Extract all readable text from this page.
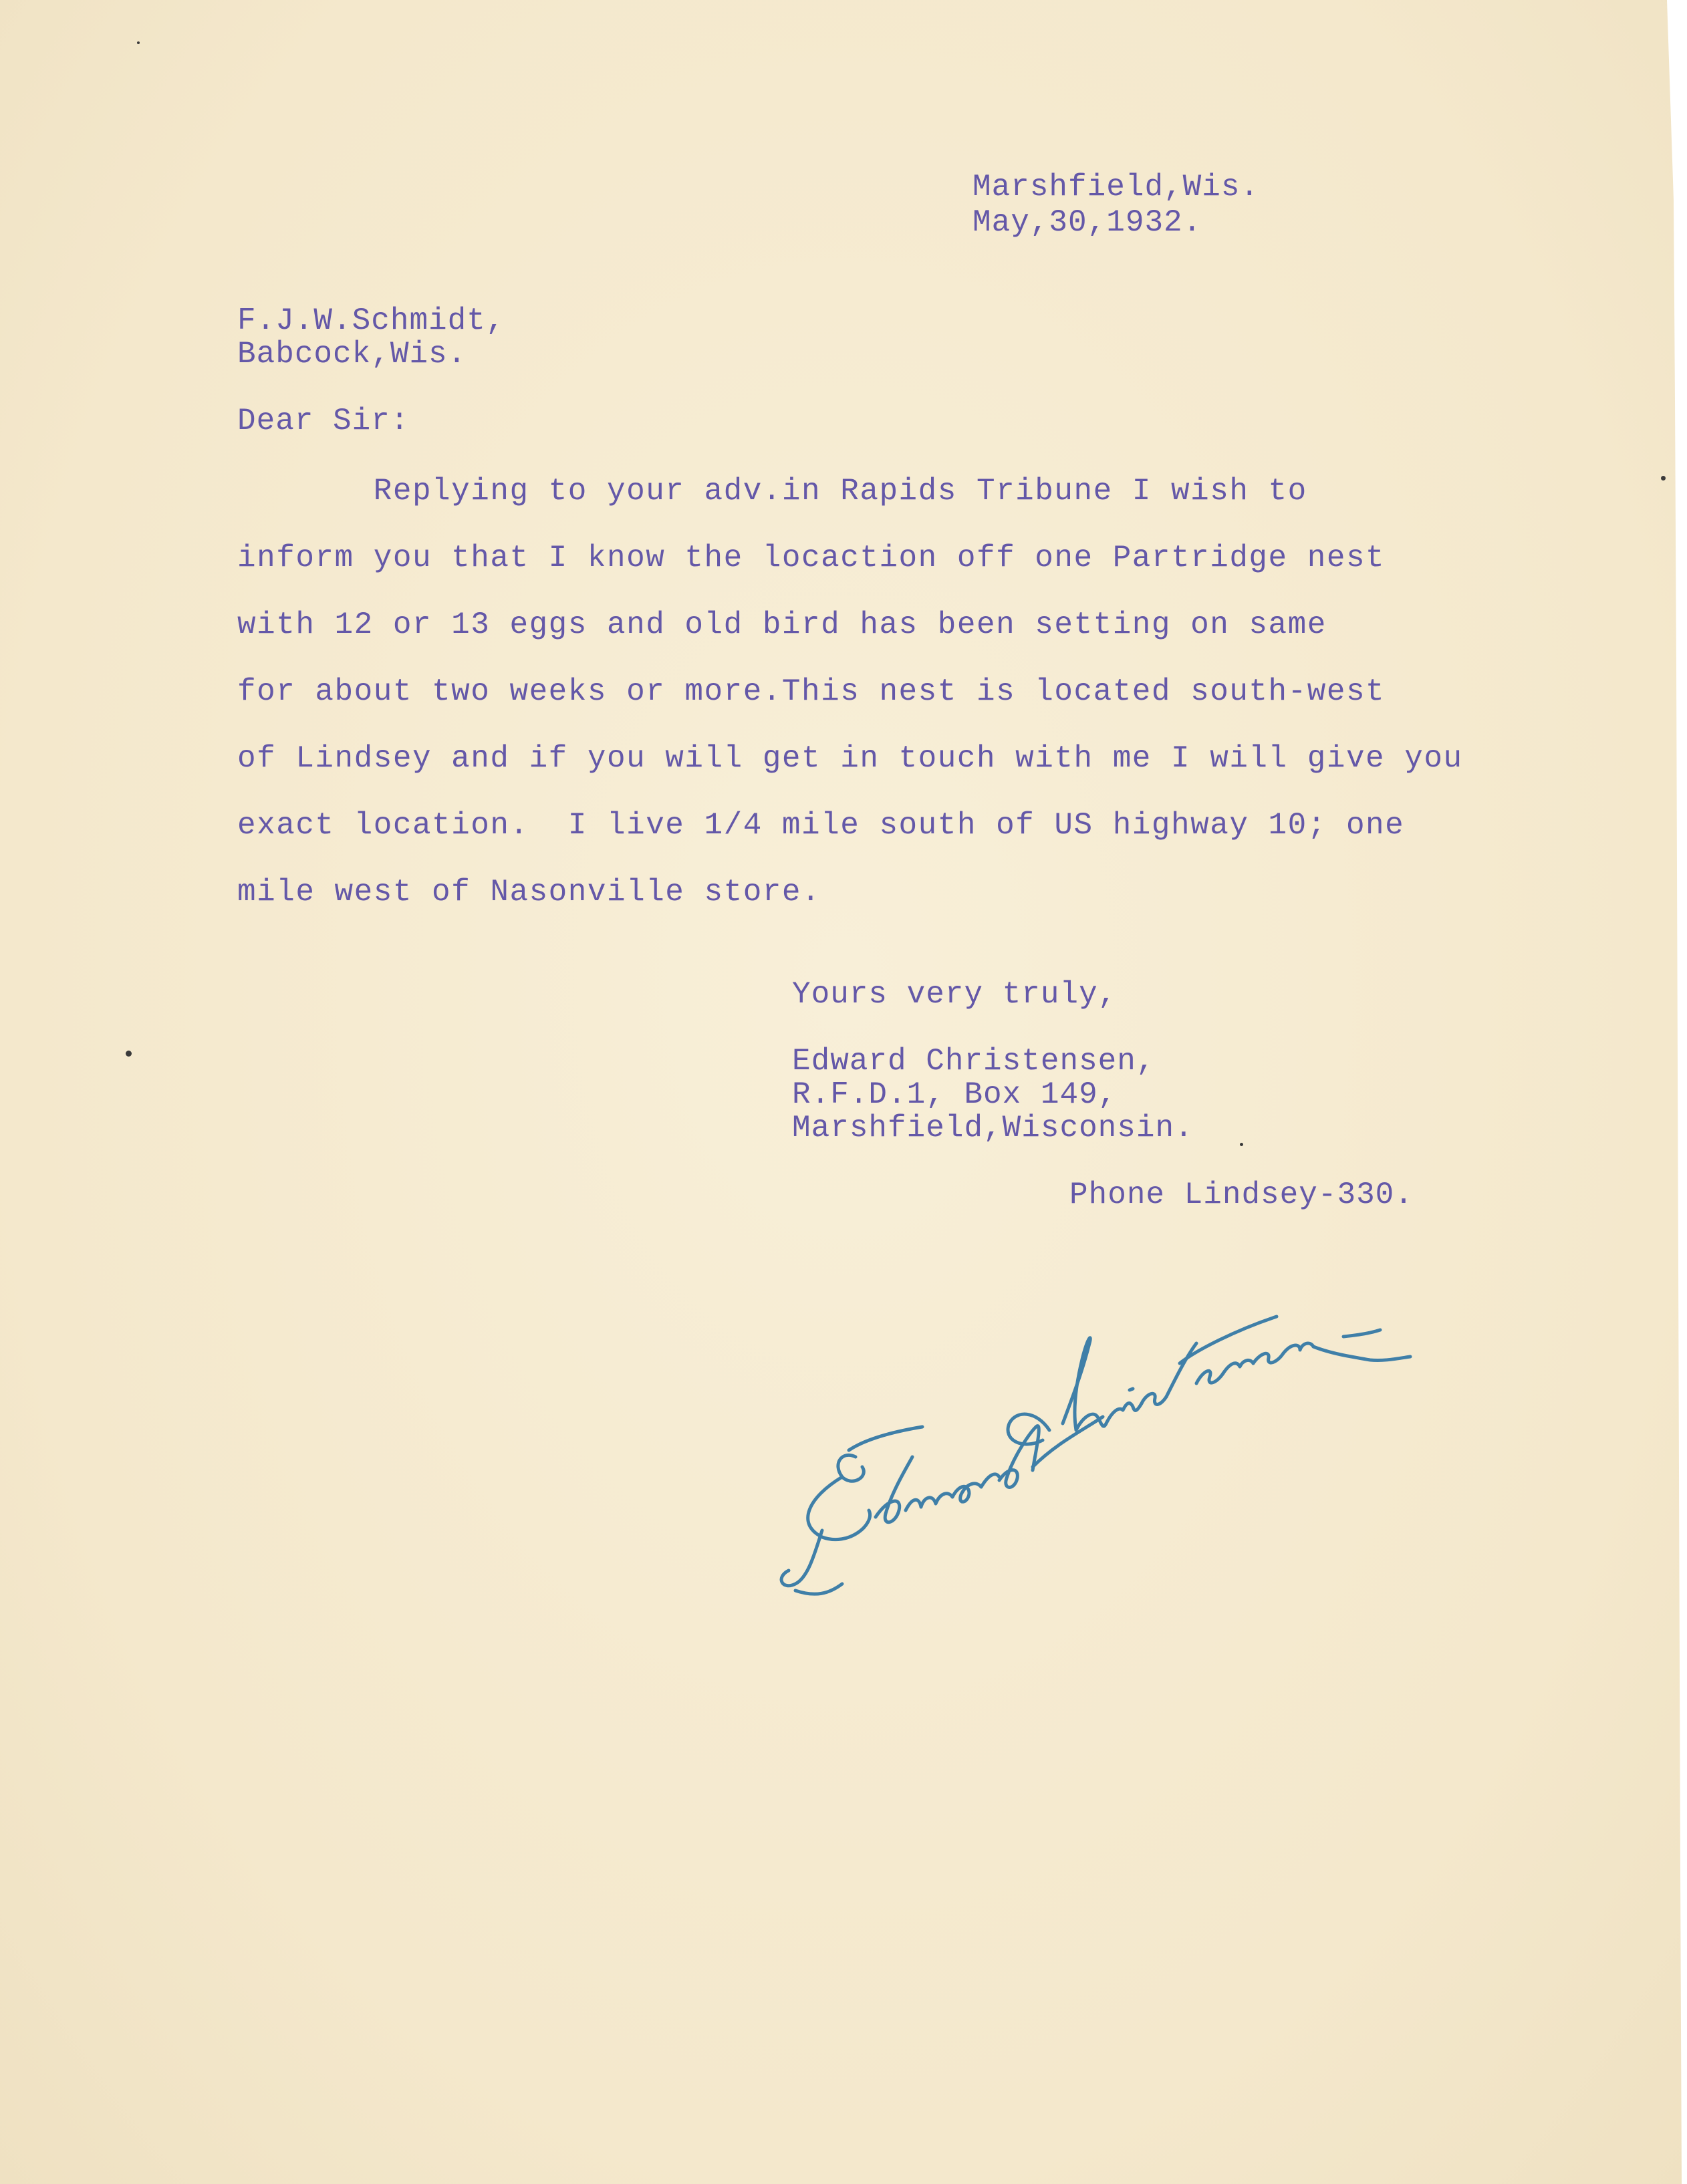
Marshfield,Wis.
May,30,1932.
F.J.W.Schmidt,
Babcock,Wis.
Dear Sir:
Replying to your adv.in Rapids Tribune I wish to
inform you that I know the locaction off one Partridge nest
with 12 or 13 eggs and old bird has been setting on same
for about two weeks or more.This nest is located south-west
of Lindsey and if you will get in touch with me I will give you
exact location.  I live 1/4 mile south of US highway 10; one
mile west of Nasonville store.
Yours very truly,
Edward Christensen,
R.F.D.1, Box 149,
Marshfield,Wisconsin.
Phone Lindsey-330.
